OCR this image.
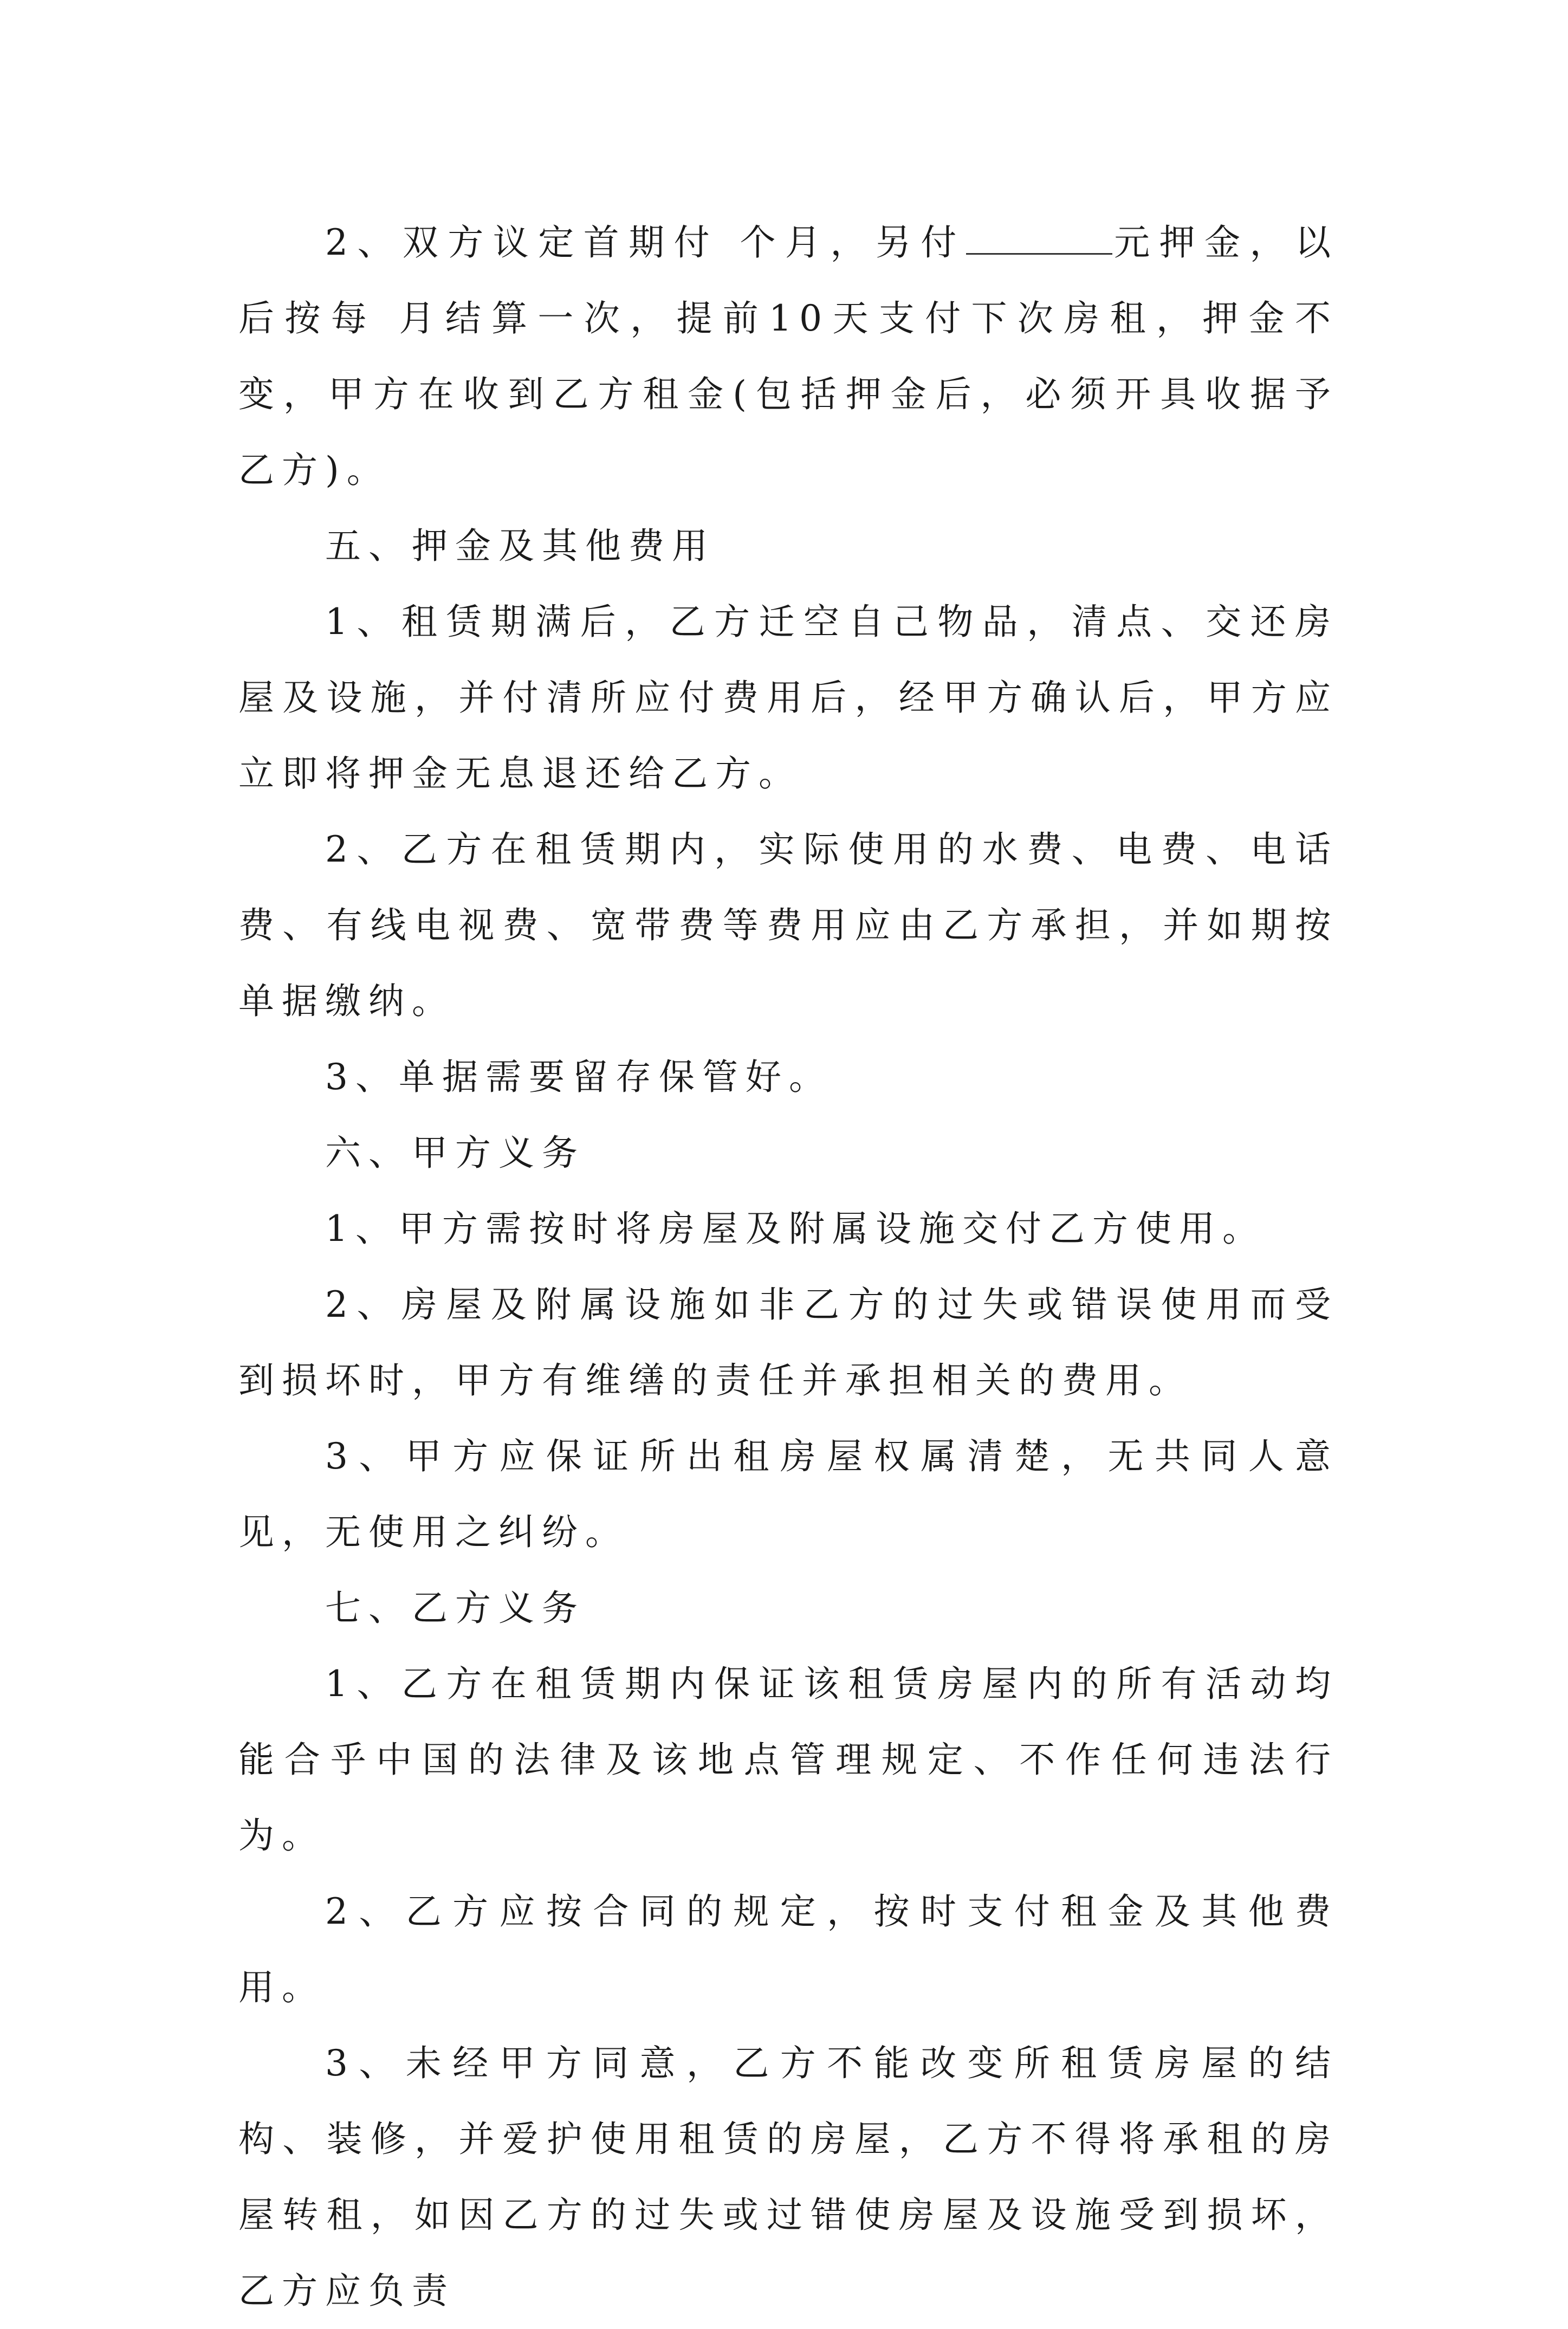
2、双方议定首期付 个月，另付	元押金，以后按每 月结算一次，提前10天支付下次房租，押金不变，甲方在收到乙方租金(包括押金后，必须开具收据予乙方)。

五、押金及其他费用

1、租赁期满后，乙方迁空自己物品，清点、交还房屋及设施，并付清所应付费用后，经甲方确认后，甲方应立即将押金无息退还给乙方。

2、乙方在租赁期内，实际使用的水费、电费、电话费、有线电视费、宽带费等费用应由乙方承担，并如期按单据缴纳。

3、单据需要留存保管好。

六、甲方义务

1、甲方需按时将房屋及附属设施交付乙方使用。

2、房屋及附属设施如非乙方的过失或错误使用而受到损坏时，甲方有维缮的责任并承担相关的费用。

3、甲方应保证所出租房屋权属清楚，无共同人意见，无使用之纠纷。

七、乙方义务

1、乙方在租赁期内保证该租赁房屋内的所有活动均能合乎中国的法律及该地点管理规定、不作任何违法行为。

2、乙方应按合同的规定，按时支付租金及其他费用。

3、未经甲方同意，乙方不能改变所租赁房屋的结构、装修，并爱护使用租赁的房屋，乙方不得将承租的房屋转租，如因乙方的过失或过错使房屋及设施受到损坏，乙方应负责
